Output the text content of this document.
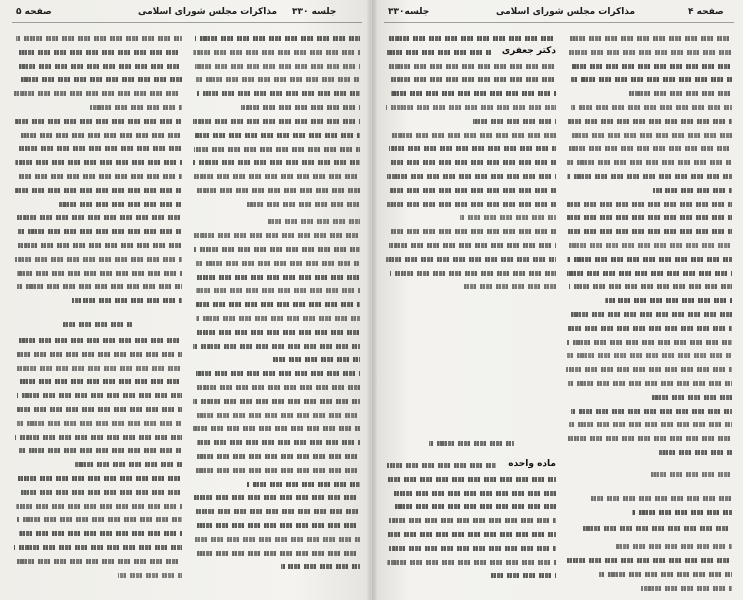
صفحه ۵	مذاکرات مجلس شورای اسلامی جلسه ۳۳۰	جلسه۳۳۰	مذاکرات مجلس شورای اسلامی	صفحه ۴
دکتر جعفری
ماده واحده
